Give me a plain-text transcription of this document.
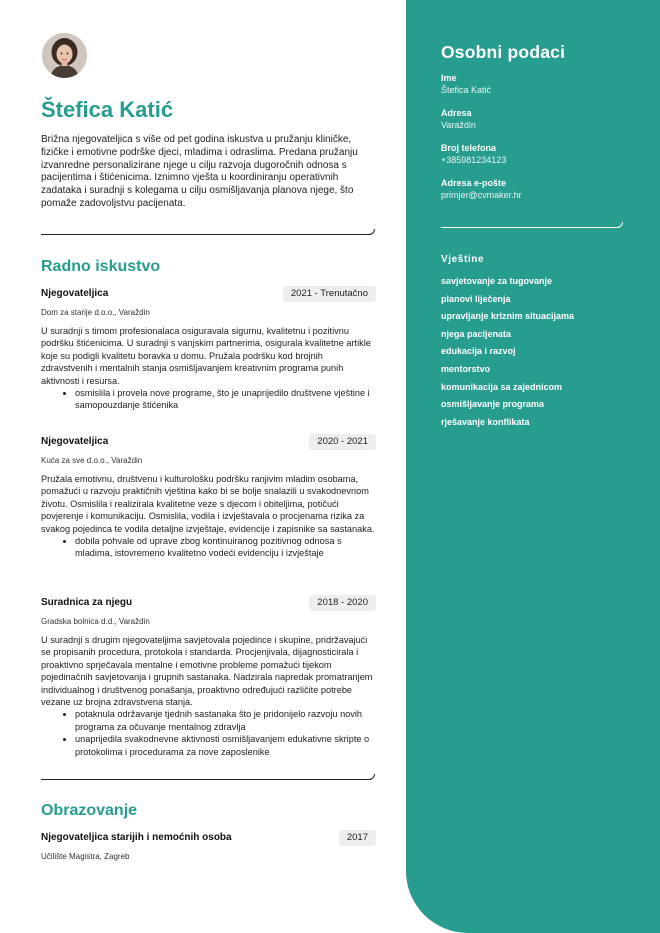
Osobni podaci
Ime
Štefica Katić
Adresa
Varaždin
Broj telefona
+385981234123
Adresa e-pošte
primjer@cvmaker.hr
Vještine
savjetovanje za tugovanje
planovi liječenja
upravljanje kriznim situacijama
njega pacijenata
edukacija i razvoj
mentorstvo
komunikacija sa zajednicom
osmišljavanje programa
rješavanje konflikata
Štefica Katić
Brižna njegovateljica s više od pet godina iskustva u pružanju kliničke, fizičke i emotivne podrške djeci, mladima i odraslima. Predana pružanju izvanredne personalizirane njege u cilju razvoja dugoročnih odnosa s pacijentima i štićenicima. Iznimno vješta u koordiniranju operativnih zadataka i suradnji s kolegama u cilju osmišljavanja planova njege, što pomaže zadovoljstvu pacijenata.
Radno iskustvo
Njegovateljica	2021 - Trenutačno
Dom za starije d.o.o., Varaždin
U suradnji s timom profesionalaca osiguravala sigurnu, kvalitetnu i pozitivnu podršku štićenicima. U suradnji s vanjskim partnerima, osigurala kvalitetne artikle koje su podigli kvalitetu boravka u domu. Pružala podršku kod brojnih zdravstvenih i mentalnih stanja osmišljavanjem kreativnim programa punih aktivnosti i resursa.
• osmislila i provela nove programe, što je unaprijedilo društvene vještine i samopouzdanje štićenika
Njegovateljica	2020 - 2021
Kuća za sve d.o.o., Varaždin
Pružala emotivnu, društvenu i kulturološku podršku ranjivim mladim osobama, pomažući u razvoju praktičnih vještina kako bi se bolje snalazili u svakodnevnom životu. Osmislila i realizirala kvalitetne veze s djecom i obiteljima, potičući povjerenje i komunikaciju. Osmislila, vodila i izvještavala o procjenama rizika za svakog pojedinca te vodila detaljne izvještaje, evidencije i zapisnike sa sastanaka.
• dobila pohvale od uprave zbog kontinuiranog pozitivnog odnosa s mladima, istovremeno kvalitetno vodeći evidenciju i izvještaje
Suradnica za njegu	2018 - 2020
Gradska bolnica d.d., Varaždin
U suradnji s drugim njegovateljima savjetovala pojedince i skupine, pridržavajući se propisanih procedura, protokola i standarda. Procjenjivala, dijagnosticirala i proaktivno sprječavala mentalne i emotivne probleme pomažući tijekom pojedinačnih savjetovanja i grupnih sastanaka. Nadzirala napredak promatranjem individualnog i društvenog ponašanja, proaktivno određujući različite potrebe vezane uz brojna zdravstvena stanja.
• potaknula održavanje tjednih sastanaka što je pridonijelo razvoju novih programa za očuvanje mentalnog zdravlja
• unaprijedila svakodnevne aktivnosti osmišljavanjem edukativne skripte o protokolima i procedurama za nove zaposlenike
Obrazovanje
Njegovateljica starijih i nemoćnih osoba	2017
Učilište Magistra, Zagreb
